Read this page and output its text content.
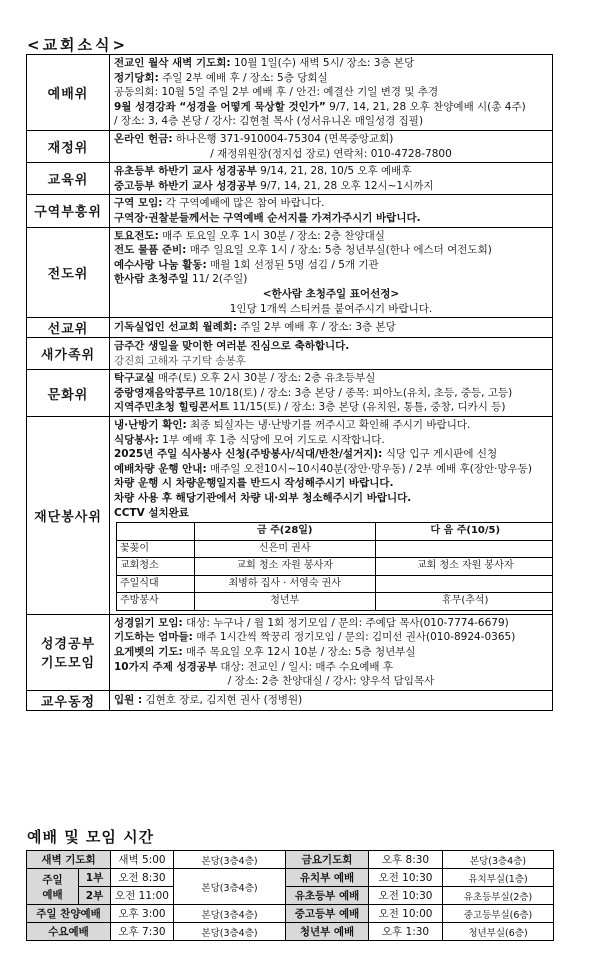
<교회소식>
예배위	
전교인 월삭 새벽 기도회: 10월 1일(수) 새벽 5시/ 장소: 3층 본당
정기당회: 주일 2부 예배 후 / 장소: 5층 당회실
공동의회: 10월 5일 주일 2부 예배 후 / 안건: 예결산 기일 변경 및 추경
9월 성경강좌 “성경을 어떻게 묵상할 것인가” 9/7, 14, 21, 28 오후 찬양예배 시(총 4주)
/ 장소: 3, 4층 본당 / 강사: 김현철 목사 (성서유니온 매일성경 집필)

재정위	
온라인 헌금: 하나은행 371-910004-75304 (면목중앙교회)
/ 재정위원장(정지섭 장로) 연락처: 010-4728-7800

교육위	
유초등부 하반기 교사 성경공부 9/14, 21, 28, 10/5 오후 예배후
중고등부 하반기 교사 성경공부 9/7, 14, 21, 28 오후 12시~1시까지

구역부흥위	
구역 모임: 각 구역예배에 많은 참여 바랍니다.
구역장·권찰분들께서는 구역예배 순서지를 가져가주시기 바랍니다.

전도위	
토요전도: 매주 토요일 오후 1시 30분 / 장소: 2층 찬양대실
전도 물품 준비: 매주 일요일 오후 1시 / 장소: 5층 청년부실(한나 에스더 여전도회)
예수사랑 나눔 활동: 매월 1회 선정된 5명 섬김 / 5개 기관
한사람 초청주일 11/ 2(주일)
<한사람 초청주일 표어선정>
1인당 1개씩 스티커를 붙여주시기 바랍니다.

선교위	기독실업인 선교회 월례회: 주일 2부 예배 후 / 장소: 3층 본당

새가족위	
금주간 생일을 맞이한 여러분 진심으로 축하합니다.
강진희 고해자 구기탁 송봉후

문화위	
탁구교실 매주(토) 오후 2시 30분 / 장소: 2층 유초등부실
중랑영재음악콩쿠르 10/18(토) / 장소: 3층 본당 / 종목: 피아노(유치, 초등, 중등, 고등)
지역주민초청 힐링콘서트 11/15(토) / 장소: 3층 본당 (유치원, 통틀, 중창, 디카시 등)

재단봉사위	
냉·난방기 확인: 최종 퇴실자는 냉·난방기를 꺼주시고 확인해 주시기 바랍니다.
식당봉사: 1부 예배 후 1층 식당에 모여 기도로 시작합니다.
2025년 주일 식사봉사 신청(주방봉사/식대/반찬/설거지): 식당 입구 게시판에 신청
예배차량 운행 안내: 매주일 오전10시~10시40분(장안·망우동) / 2부 예배 후(장안·망우동)
차량 운행 시 차량운행일지를 반드시 작성해주시기 바랍니다.
차량 사용 후 해당기관에서 차량 내·외부 청소해주시기 바랍니다.
CCTV 설치완료
	금 주(28일)	다 음 주(10/5)
꽃꽂이	신은미 권사	
교회청소	교회 청소 자원 봉사자	교회 청소 자원 봉사자
주일식대	최병하 집사 · 서영숙 권사	
주방봉사	청년부	휴무(추석)

성경공부
기도모임	
성경읽기 모임: 대상: 누구나 / 월 1회 정기모임 / 문의: 주예담 목사(010-7774-6679)
기도하는 엄마들: 매주 1시간씩 짝꿍리 정기모임 / 문의: 김미선 권사(010-8924-0365)
요게벳의 기도: 매주 목요일 오후 12시 10분 / 장소: 5층 청년부실
10가지 주제 성경공부 대상: 전교인 / 일시: 매주 수요예배 후
/ 장소: 2층 찬양대실 / 강사: 양우석 담임목사

교우동정	입원 : 김현호 장로, 김지현 권사 (정병원)
예배 및 모임 시간
새벽 기도회		새벽 5:00	본당(3층4층)	금요기도회	오후 8:30	본당(3층4층)
주일
예배	1부	오전 8:30	본당(3층4층)	유치부 예배	오전 10:30	유치부실(1층)
	2부	오전 11:00		유초등부 예배	오전 10:30	유초등부실(2층)
주일 찬양예배		오후 3:00	본당(3층4층)	중고등부 예배	오전 10:00	중고등부실(6층)
수요예배		오후 7:30	본당(3층4층)	청년부 예배	오후 1:30	청년부실(6층)
